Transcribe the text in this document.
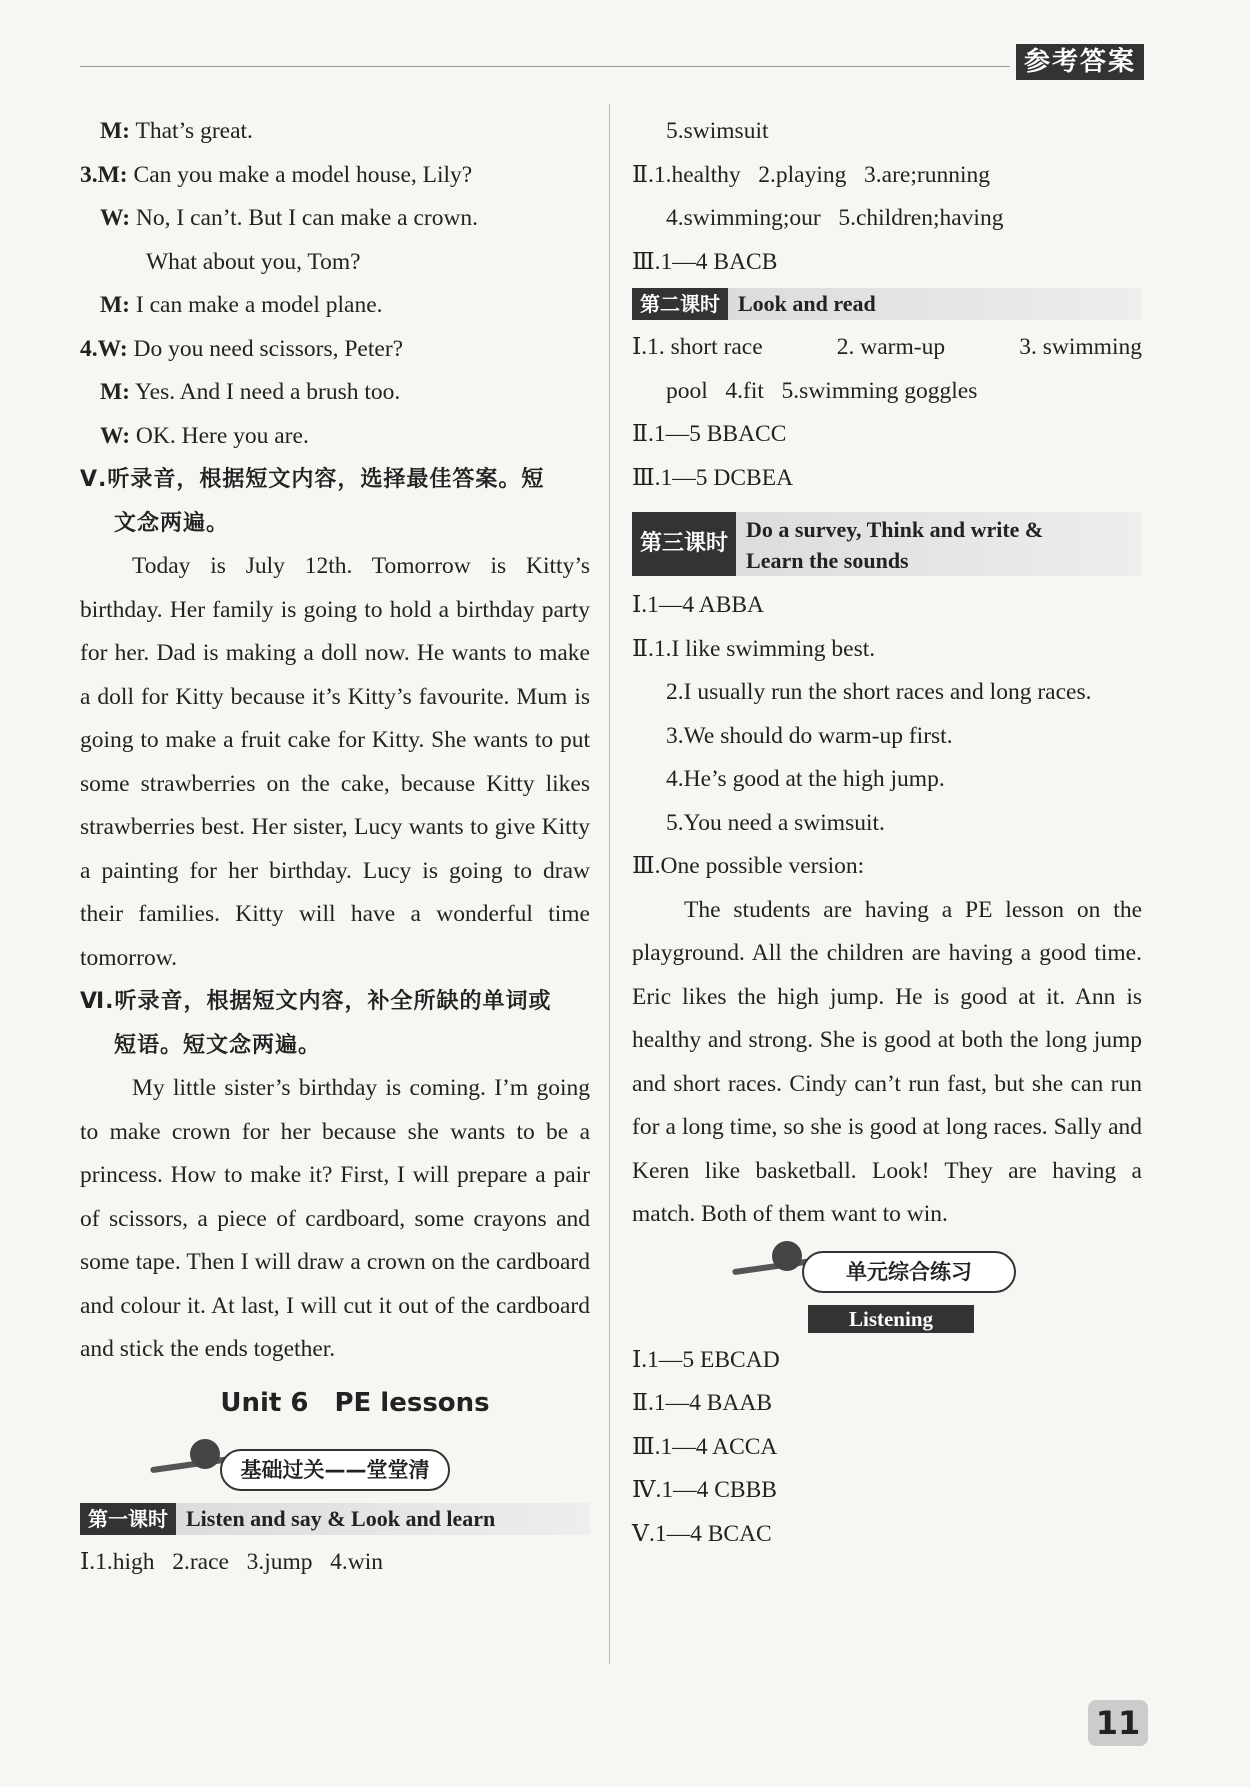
参考答案
M: That’s great.
3.M: Can you make a model house, Lily?
W: No, I can’t. But I can make a crown.
What about you, Tom?
M: I can make a model plane.
4.W: Do you need scissors, Peter?
M: Yes. And I need a brush too.
W: OK. Here you are.
Ⅴ.听录音，根据短文内容，选择最佳答案。短
文念两遍。
Today is July 12th. Tomorrow is Kitty’s birthday. Her family is going to hold a birthday party for her. Dad is making a doll now. He wants to make a doll for Kitty because it’s Kitty’s favourite. Mum is going to make a fruit cake for Kitty. She wants to put some strawberries on the cake, because Kitty likes strawberries best. Her sister, Lucy wants to give Kitty a painting for her birthday. Lucy is going to draw their families. Kitty will have a wonderful time tomorrow.
Ⅵ.听录音，根据短文内容，补全所缺的单词或
短语。短文念两遍。
My little sister’s birthday is coming. I’m going to make crown for her because she wants to be a princess. How to make it? First, I will prepare a pair of scissors, a piece of cardboard, some crayons and some tape. Then I will draw a crown on the cardboard and colour it. At last, I will cut it out of the cardboard and stick the ends together.
Unit 6 PE lessons
基础过关——堂堂清
第一课时 Listen and say & Look and learn
Ⅰ.1.high 2.race 3.jump 4.win
5.swimsuit
Ⅱ.1.healthy 2.playing 3.are;running
4.swimming;our 5.children;having
Ⅲ.1—4 BACB
第二课时 Look and read
Ⅰ.1. short race	2. warm-up	3. swimming
pool 4.fit 5.swimming goggles
Ⅱ.1—5 BBACC
Ⅲ.1—5 DCBEA
第三课时
Do a survey, Think and write &
Learn the sounds
Ⅰ.1—4 ABBA
Ⅱ.1.I like swimming best.
2.I usually run the short races and long races.
3.We should do warm-up first.
4.He’s good at the high jump.
5.You need a swimsuit.
Ⅲ.One possible version:
The students are having a PE lesson on the playground. All the children are having a good time. Eric likes the high jump. He is good at it. Ann is healthy and strong. She is good at both the long jump and short races. Cindy can’t run fast, but she can run for a long time, so she is good at long races. Sally and Keren like basketball. Look! They are having a match. Both of them want to win.
单元综合练习
Listening
Ⅰ.1—5 EBCAD
Ⅱ.1—4 BAAB
Ⅲ.1—4 ACCA
Ⅳ.1—4 CBBB
Ⅴ.1—4 BCAC
11
